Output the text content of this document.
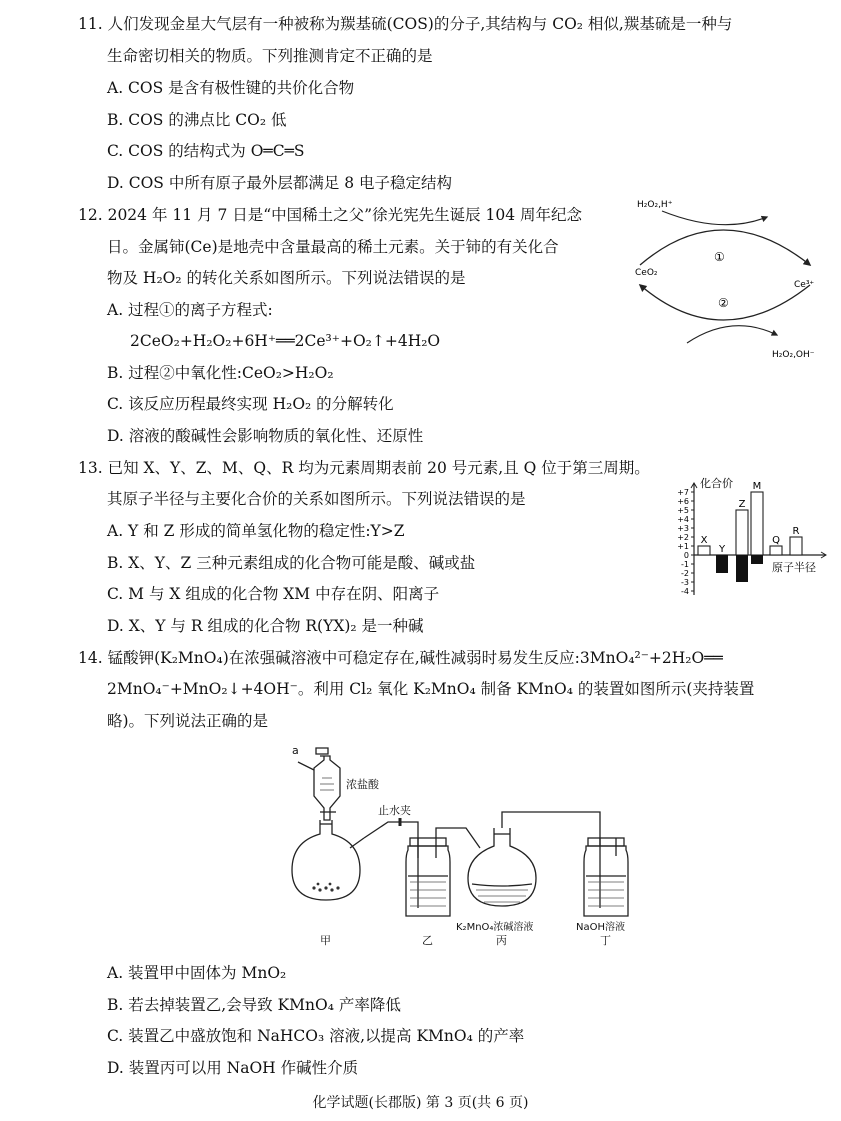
11. 人们发现金星大气层有一种被称为羰基硫(COS)的分子,其结构与 CO₂ 相似,羰基硫是一种与
生命密切相关的物质。下列推测肯定不正确的是
A. COS 是含有极性键的共价化合物
B. COS 的沸点比 CO₂ 低
C. COS 的结构式为 O═C═S
D. COS 中所有原子最外层都满足 8 电子稳定结构
12. 2024 年 11 月 7 日是“中国稀土之父”徐光宪先生诞辰 104 周年纪念
日。金属铈(Ce)是地壳中含量最高的稀土元素。关于铈的有关化合
物及 H₂O₂ 的转化关系如图所示。下列说法错误的是
A. 过程①的离子方程式:
2CeO₂+H₂O₂+6H⁺══2Ce³⁺+O₂↑+4H₂O
B. 过程②中氧化性:CeO₂>H₂O₂
C. 该反应历程最终实现 H₂O₂ 的分解转化
D. 溶液的酸碱性会影响物质的氧化性、还原性
H₂O₂,H⁺
CeO₂
Ce³⁺
①
②
H₂O₂,OH⁻
13. 已知 X、Y、Z、M、Q、R 均为元素周期表前 20 号元素,且 Q 位于第三周期。
其原子半径与主要化合价的关系如图所示。下列说法错误的是
A. Y 和 Z 形成的简单氢化物的稳定性:Y>Z
B. X、Y、Z 三种元素组成的化合物可能是酸、碱或盐
C. M 与 X 组成的化合物 XM 中存在阴、阳离子
D. X、Y 与 R 组成的化合物 R(YX)₂ 是一种碱
+7
+6
+5
+4
+3
+2
+1
0
-1
-2
-3
-4
化合价
原子半径
X
Y
Z
M
Q
R
14. 锰酸钾(K₂MnO₄)在浓强碱溶液中可稳定存在,碱性减弱时易发生反应:3MnO₄²⁻+2H₂O══
2MnO₄⁻+MnO₂↓+4OH⁻。利用 Cl₂ 氧化 K₂MnO₄ 制备 KMnO₄ 的装置如图所示(夹持装置
略)。下列说法正确的是
a
浓盐酸
止水夹
K₂MnO₄浓碱溶液	NaOH溶液
甲	乙	丙	丁
A. 装置甲中固体为 MnO₂
B. 若去掉装置乙,会导致 KMnO₄ 产率降低
C. 装置乙中盛放饱和 NaHCO₃ 溶液,以提高 KMnO₄ 的产率
D. 装置丙可以用 NaOH 作碱性介质
化学试题(长郡版) 第 3 页(共 6 页)
